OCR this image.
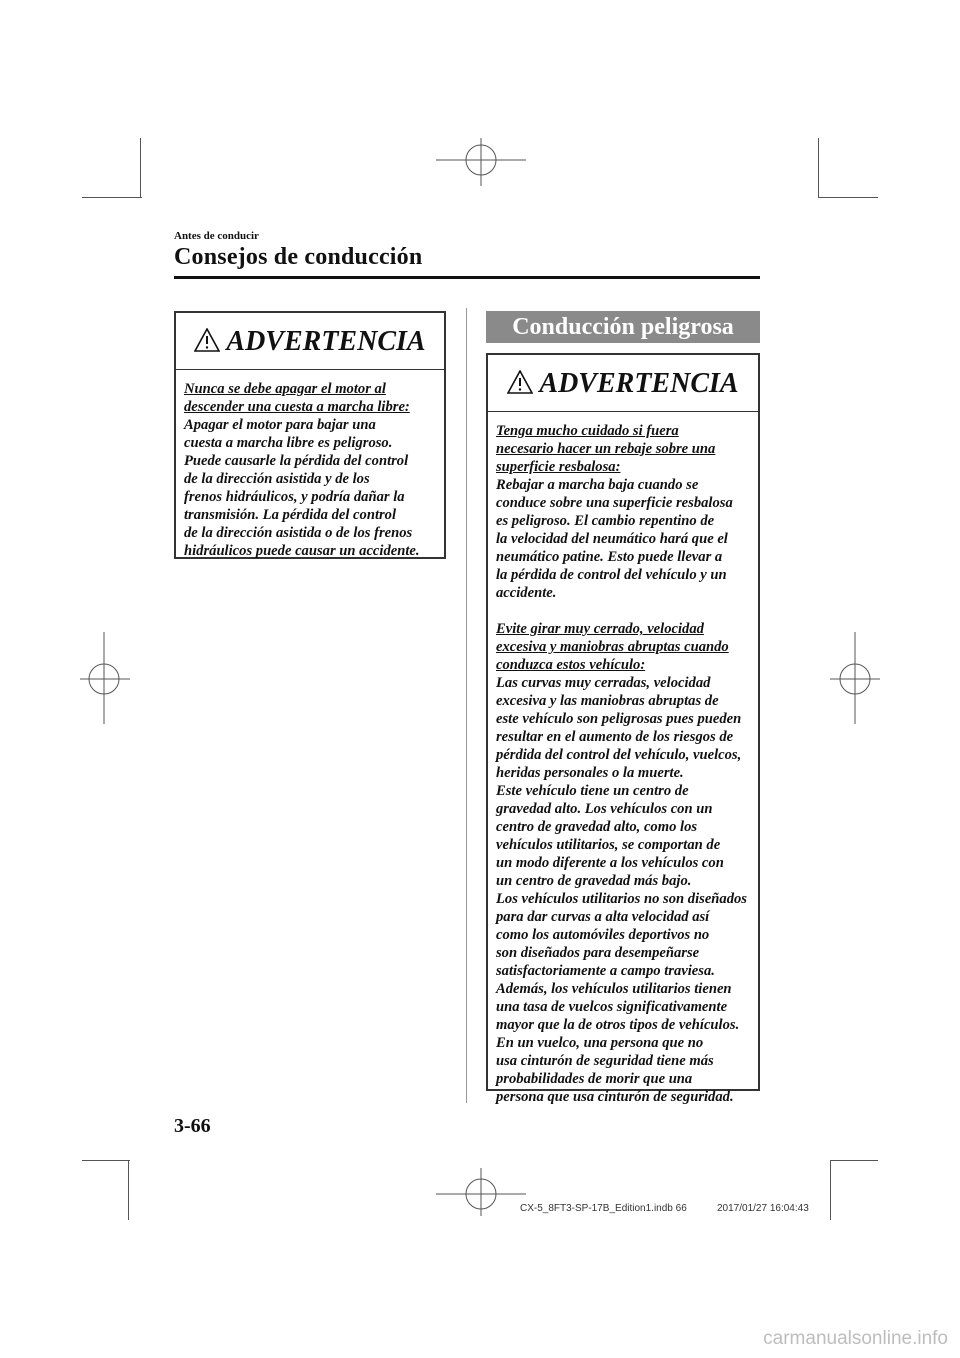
Antes de conducir
Consejos de conducción
ADVERTENCIA
Nunca se debe apagar el motor al
descender una cuesta a marcha libre:
Apagar el motor para bajar una
cuesta a marcha libre es peligroso.
Puede causarle la pérdida del control
de la dirección asistida y de los
frenos hidráulicos, y podría dañar la
transmisión. La pérdida del control
de la dirección asistida o de los frenos
hidráulicos puede causar un accidente.
Conducción peligrosa
ADVERTENCIA
Tenga mucho cuidado si fuera
necesario hacer un rebaje sobre una
superficie resbalosa:
Rebajar a marcha baja cuando se
conduce sobre una superficie resbalosa
es peligroso. El cambio repentino de
la velocidad del neumático hará que el
neumático patine. Esto puede llevar a
la pérdida de control del vehículo y un
accidente.
Evite girar muy cerrado, velocidad
excesiva y maniobras abruptas cuando
conduzca estos vehículo:
Las curvas muy cerradas, velocidad
excesiva y las maniobras abruptas de
este vehículo son peligrosas pues pueden
resultar en el aumento de los riesgos de
pérdida del control del vehículo, vuelcos,
heridas personales o la muerte.
Este vehículo tiene un centro de
gravedad alto. Los vehículos con un
centro de gravedad alto, como los
vehículos utilitarios, se comportan de
un modo diferente a los vehículos con
un centro de gravedad más bajo.
Los vehículos utilitarios no son diseñados
para dar curvas a alta velocidad así
como los automóviles deportivos no
son diseñados para desempeñarse
satisfactoriamente a campo traviesa.
Además, los vehículos utilitarios tienen
una tasa de vuelcos significativamente
mayor que la de otros tipos de vehículos.
En un vuelco, una persona que no
usa cinturón de seguridad tiene más
probabilidades de morir que una
persona que usa cinturón de seguridad.
3-66
CX-5_8FT3-SP-17B_Edition1.indb 66	2017/01/27 16:04:43
carmanualsonline.info
